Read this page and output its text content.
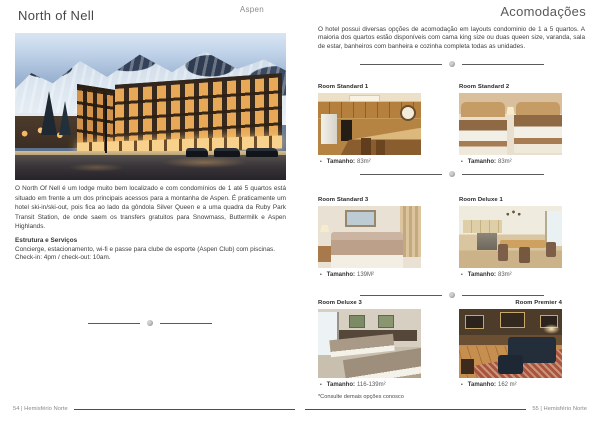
Aspen
North of Nell
O North Of Nell é um lodge muito bem localizado e com condomínios de 1 até 5 quartos está situado em frente a um dos principais acessos para a montanha de Aspen. É praticamente um hotel ski-in/ski-out, pois fica ao lado da gôndola Silver Queen e a uma quadra da Ruby Park Transit Station, de onde saem os transfers gratuitos para Snowmass, Buttermilk e Aspen Highlands.
Estrutura e Serviços
Concierge, estacionamento, wi-fi e passe para clube de esporte (Aspen Club) com piscinas.
Check-in: 4pm / check-out: 10am.
54 | Hemisfério Norte
Acomodações
O hotel possui diversas opções de acomodação em layouts condominio de 1 a 5 quartos. A maioria dos quartos estão disponíveis com cama king size ou duas queen size, varanda, sala de estar, banheiros com banheira e cozinha completa todas as unidades.
Room Standard 1
• Tamanho: 83m²
Room Standard 2
• Tamanho: 83m²
Room Standard 3
• Tamanho: 139M²
Room Deluxe 1
• Tamanho: 83m²
Room Deluxe 3
• Tamanho: 116-139m²
Room Premier 4
• Tamanho: 162 m²
*Consulte demais opções conosco
55 | Hemisfério Norte
